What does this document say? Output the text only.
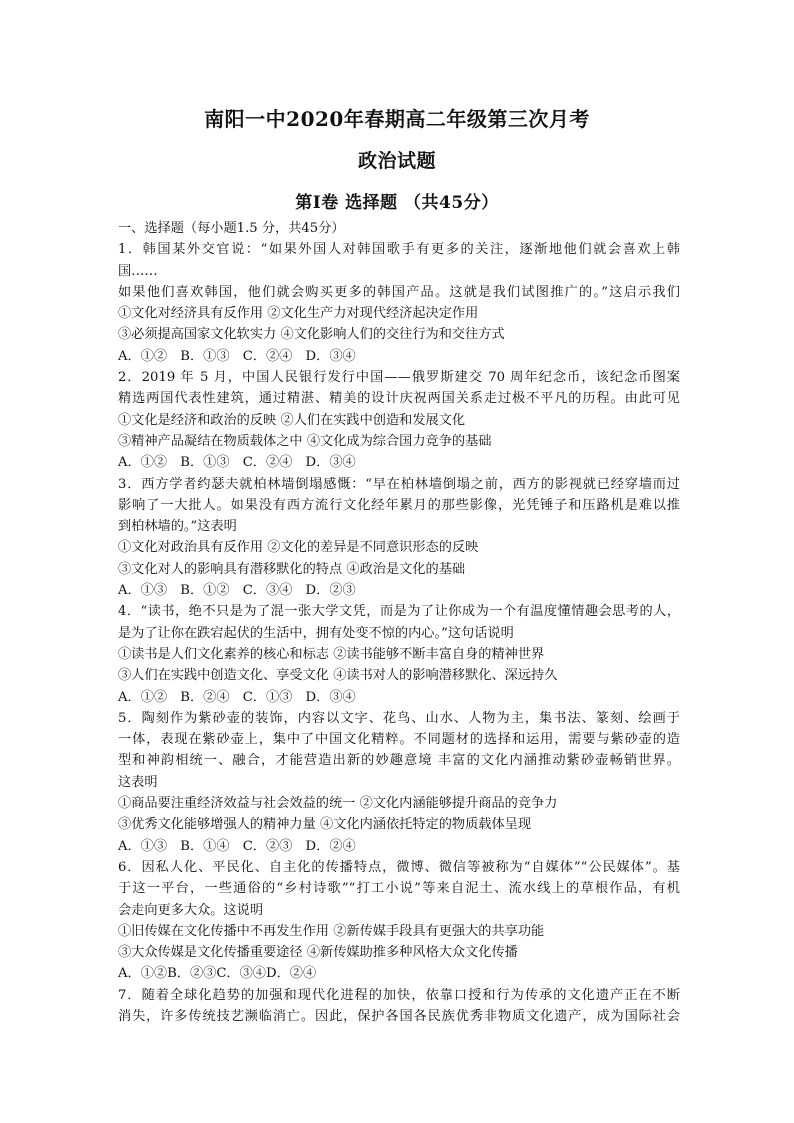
南阳一中2020年春期高二年级第三次月考
政治试题
第Ⅰ卷 选择题 （共45分）
一、选择题（每小题1.5 分，共45分）
1．韩国某外交官说：“如果外国人对韩国歌手有更多的关注，逐渐地他们就会喜欢上韩
国……
如果他们喜欢韩国，他们就会购买更多的韩国产品。这就是我们试图推广的。”这启示我们
①文化对经济具有反作用 ②文化生产力对现代经济起决定作用
③必须提高国家文化软实力 ④文化影响人们的交往行为和交往方式
A．①②　B．①③　C．②④　D．③④
2．2019 年 5 月，中国人民银行发行中国——俄罗斯建交 70 周年纪念币，该纪念币图案
精选两国代表性建筑，通过精湛、精美的设计庆祝两国关系走过极不平凡的历程。由此可见
①文化是经济和政治的反映 ②人们在实践中创造和发展文化
③精神产品凝结在物质载体之中 ④文化成为综合国力竞争的基础
A．①②　B．①③　C．②④　D．③④
3．西方学者约瑟夫就柏林墙倒塌感慨：“早在柏林墙倒塌之前，西方的影视就已经穿墙而过
影响了一大批人。如果没有西方流行文化经年累月的那些影像，光凭锤子和压路机是难以推
到柏林墙的。”这表明
①文化对政治具有反作用 ②文化的差异是不同意识形态的反映
③文化对人的影响具有潜移默化的特点 ④政治是文化的基础
A．①③　B．①②　C．③④　D．②③
4．“读书，绝不只是为了混一张大学文凭，而是为了让你成为一个有温度懂情趣会思考的人，
是为了让你在跌宕起伏的生活中，拥有处变不惊的内心。”这句话说明
①读书是人们文化素养的核心和标志 ②读书能够不断丰富自身的精神世界
③人们在实践中创造文化、享受文化 ④读书对人的影响潜移默化、深远持久
A．①②　B．②④　C．①③　D．③④
5．陶刻作为紫砂壶的装饰，内容以文字、花鸟、山水、人物为主，集书法、篆刻、绘画于
一体，表现在紫砂壶上，集中了中国文化精粹。不同题材的选择和运用，需要与紫砂壶的造
型和神韵相统一、融合，才能营造出新的妙趣意境 丰富的文化内涵推动紫砂壶畅销世界。
这表明
①商品要注重经济效益与社会效益的统一 ②文化内涵能够提升商品的竞争力
③优秀文化能够增强人的精神力量 ④文化内涵依托特定的物质载体呈现
A．①③　B．①④　C．②③　D．②④
6．因私人化、平民化、自主化的传播特点，微博、微信等被称为“自媒体”“公民媒体”。基
于这一平台，一些通俗的“乡村诗歌”“打工小说”等来自泥土、流水线上的草根作品，有机
会走向更多大众。这说明
①旧传媒在文化传播中不再发生作用 ②新传媒手段具有更强大的共享功能
③大众传媒是文化传播重要途径 ④新传媒助推多种风格大众文化传播
A．①②B．②③C．③④D．②④
7．随着全球化趋势的加强和现代化进程的加快，依靠口授和行为传承的文化遗产正在不断
消失，许多传统技艺濒临消亡。因此，保护各国各民族优秀非物质文化遗产，成为国际社会
